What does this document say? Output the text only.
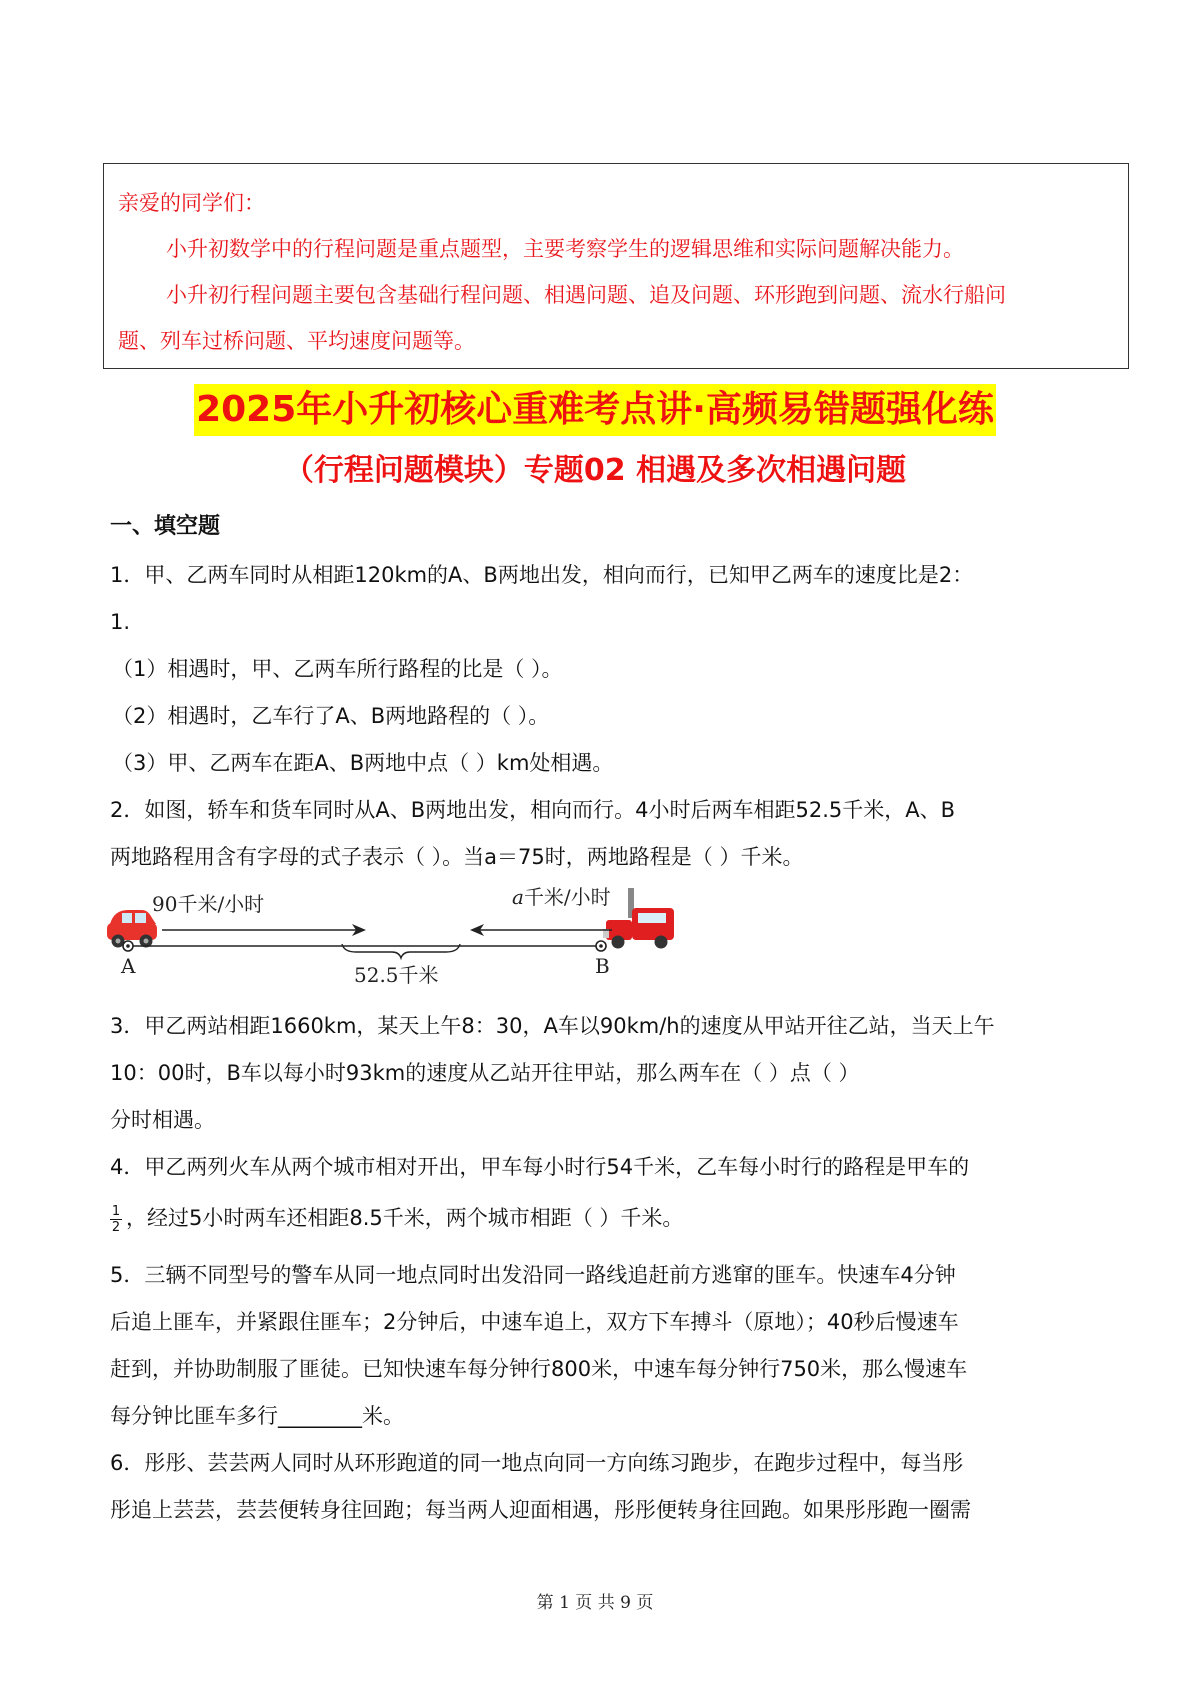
亲爱的同学们：

小升初数学中的行程问题是重点题型，主要考察学生的逻辑思维和实际问题解决能力。

小升初行程问题主要包含基础行程问题、相遇问题、追及问题、环形跑到问题、流水行船问

题、列车过桥问题、平均速度问题等。

2025年小升初核心重难考点讲·高频易错题强化练
（行程问题模块）专题02 相遇及多次相遇问题
一、填空题
1．甲、乙两车同时从相距120km的A、B两地出发，相向而行，已知甲乙两车的速度比是2：
1.
（1）相遇时，甲、乙两车所行路程的比是（ ）。
（2）相遇时，乙车行了A、B两地路程的（ ）。
（3）甲、乙两车在距A、B两地中点（ ）km处相遇。
2．如图，轿车和货车同时从A、B两地出发，相向而行。4小时后两车相距52.5千米，A、B
两地路程用含有字母的式子表示（ ）。当a＝75时，两地路程是（ ）千米。
90千米/小时	a千米/小时
A	B
52.5千米
3．甲乙两站相距1660km，某天上午8：30，A车以90km/h的速度从甲站开往乙站，当天上午
10：00时，B车以每小时93km的速度从乙站开往甲站，那么两车在（ ）点（ ）
分时相遇。
4．甲乙两列火车从两个城市相对开出，甲车每小时行54千米，乙车每小时行的路程是甲车的
$\frac{1}{2}$ ，经过5小时两车还相距8.5千米，两个城市相距（ ）千米。
5．三辆不同型号的警车从同一地点同时出发沿同一路线追赶前方逃窜的匪车。快速车4分钟
后追上匪车，并紧跟住匪车；2分钟后，中速车追上，双方下车搏斗（原地）；40秒后慢速车
赶到，并协助制服了匪徒。已知快速车每分钟行800米，中速车每分钟行750米，那么慢速车
每分钟比匪车多行________米。
6．彤彤、芸芸两人同时从环形跑道的同一地点向同一方向练习跑步，在跑步过程中，每当彤
彤追上芸芸，芸芸便转身往回跑；每当两人迎面相遇，彤彤便转身往回跑。如果彤彤跑一圈需
第 1 页 共 9 页
